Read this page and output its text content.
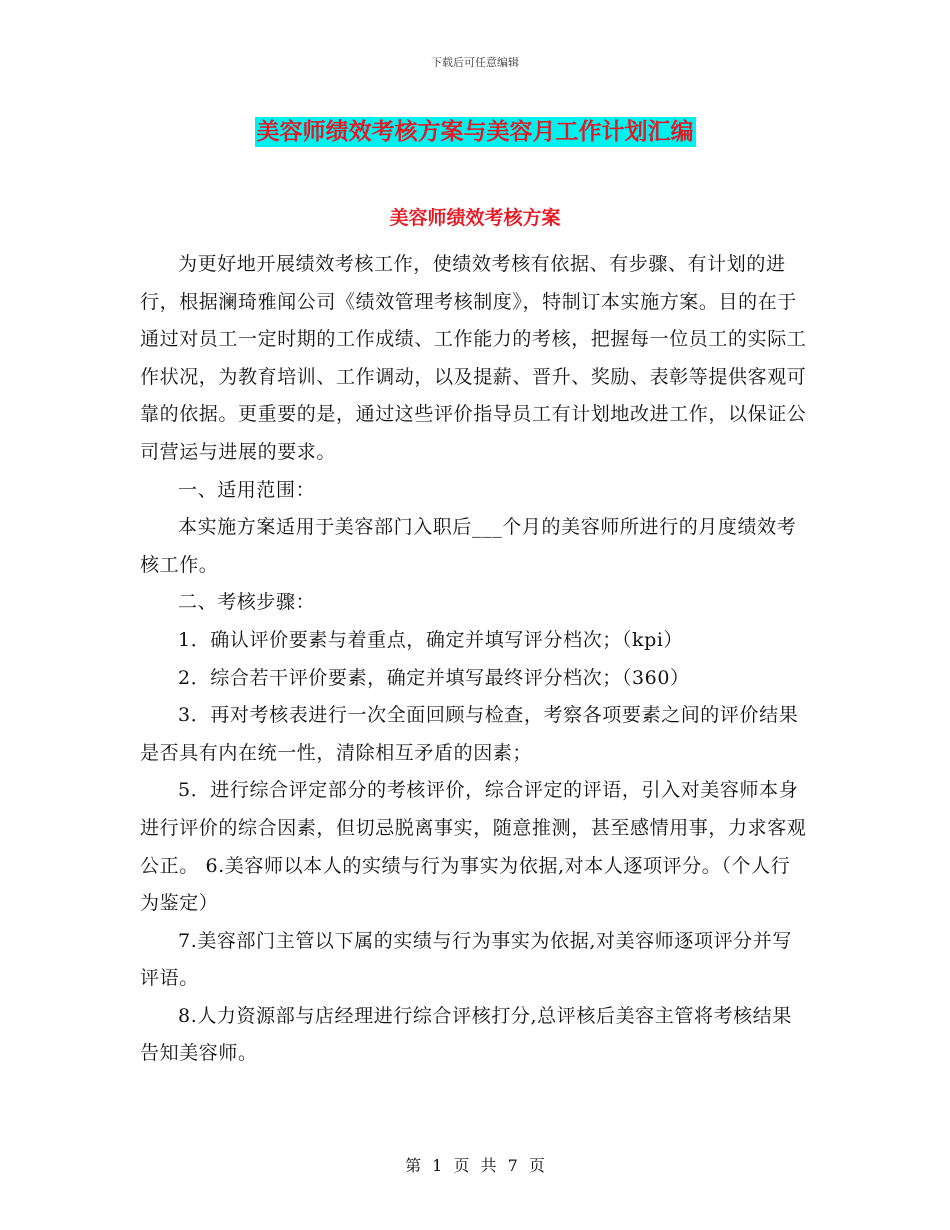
下载后可任意编辑
美容师绩效考核方案与美容月工作计划汇编
美容师绩效考核方案

为更好地开展绩效考核工作，使绩效考核有依据、有步骤、有计划的进行，根据澜琦雅闻公司《绩效管理考核制度》，特制订本实施方案。目的在于通过对员工一定时期的工作成绩、工作能力的考核，把握每一位员工的实际工作状况，为教育培训、工作调动，以及提薪、晋升、奖励、表彰等提供客观可靠的依据。更重要的是，通过这些评价指导员工有计划地改进工作，以保证公司营运与进展的要求。

一、适用范围：

本实施方案适用于美容部门入职后___个月的美容师所进行的月度绩效考核工作。

二、考核步骤：

1．确认评价要素与着重点，确定并填写评分档次；（kpi）

2．综合若干评价要素，确定并填写最终评分档次；（360）

3．再对考核表进行一次全面回顾与检查，考察各项要素之间的评价结果是否具有内在统一性，清除相互矛盾的因素；

5．进行综合评定部分的考核评价，综合评定的评语，引入对美容师本身进行评价的综合因素，但切忌脱离事实，随意推测，甚至感情用事，力求客观公正。 6.美容师以本人的实绩与行为事实为依据,对本人逐项评分。（个人行为鉴定）

7.美容部门主管以下属的实绩与行为事实为依据,对美容师逐项评分并写评语。

8.人力资源部与店经理进行综合评核打分,总评核后美容主管将考核结果告知美容师。

第 1 页 共 7 页
